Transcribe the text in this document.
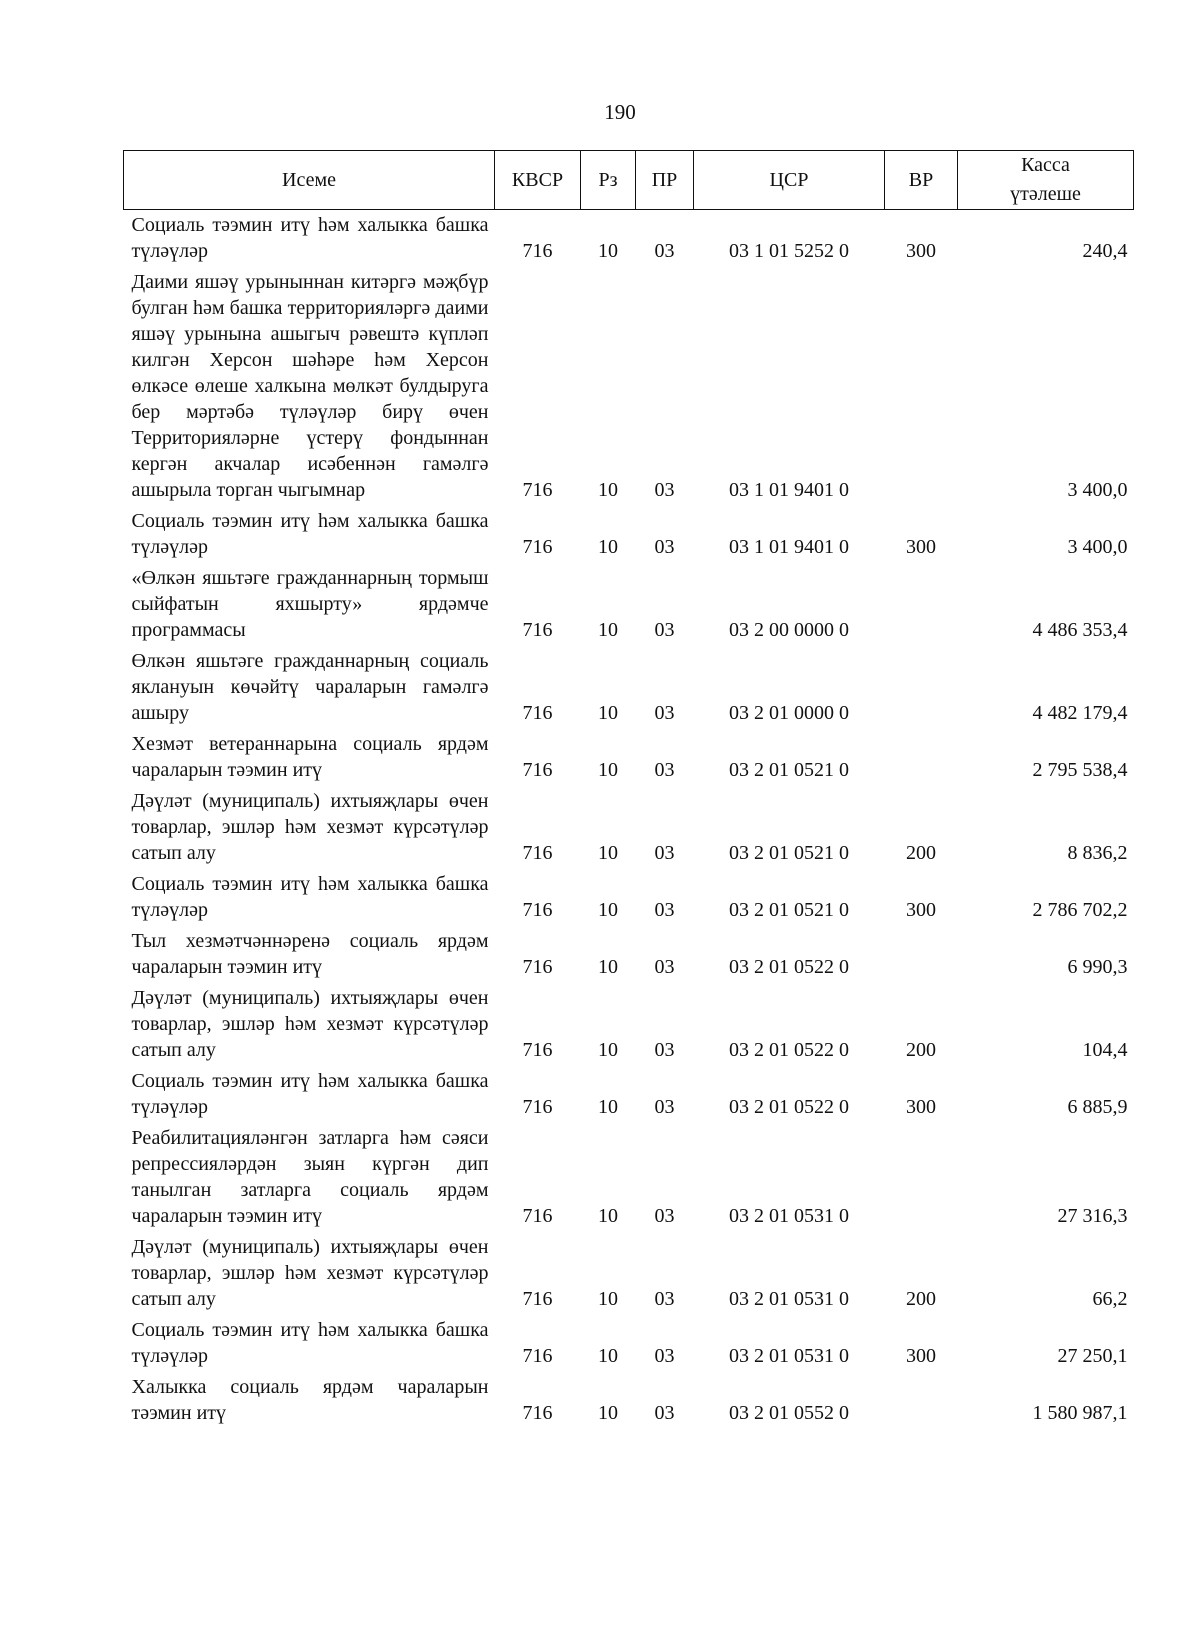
190
Исеме	КВСР	Рз	ПР	ЦСР	ВР	Касса
үтәлеше

Социаль тәэмин итү һәм халыкка башка түләүләр	716	10	03	03 1 01 5252 0	300	240,4
Даими яшәү урыныннан китәргә мәҗбүр булган һәм башка территорияләргә даими яшәү урынына ашыгыч рәвештә күпләп килгән Херсон шәһәре һәм Херсон өлкәсе өлеше халкына мөлкәт булдыруга бер мәртәбә түләүләр бирү өчен Территорияләрне үстерү фондыннан кергән акчалар исәбеннән гамәлгә ашырыла торган чыгымнар	716	10	03	03 1 01 9401 0		3 400,0
Социаль тәэмин итү һәм халыкка башка түләүләр	716	10	03	03 1 01 9401 0	300	3 400,0
«Өлкән яшьтәге гражданнарның тормыш сыйфатын яхшырту» ярдәмче программасы	716	10	03	03 2 00 0000 0		4 486 353,4
Өлкән яшьтәге гражданнарның социаль яклануын көчәйтү чараларын гамәлгә ашыру	716	10	03	03 2 01 0000 0		4 482 179,4
Хезмәт ветераннарына социаль ярдәм чараларын тәэмин итү	716	10	03	03 2 01 0521 0		2 795 538,4
Дәүләт (муниципаль) ихтыяҗлары өчен товарлар, эшләр һәм хезмәт күрсәтүләр сатып алу	716	10	03	03 2 01 0521 0	200	8 836,2
Социаль тәэмин итү һәм халыкка башка түләүләр	716	10	03	03 2 01 0521 0	300	2 786 702,2
Тыл хезмәтчәннәренә социаль ярдәм чараларын тәэмин итү	716	10	03	03 2 01 0522 0		6 990,3
Дәүләт (муниципаль) ихтыяҗлары өчен товарлар, эшләр һәм хезмәт күрсәтүләр сатып алу	716	10	03	03 2 01 0522 0	200	104,4
Социаль тәэмин итү һәм халыкка башка түләүләр	716	10	03	03 2 01 0522 0	300	6 885,9
Реабилитацияләнгән затларга һәм сәяси репрессияләрдән зыян күргән дип танылган затларга социаль ярдәм чараларын тәэмин итү	716	10	03	03 2 01 0531 0		27 316,3
Дәүләт (муниципаль) ихтыяҗлары өчен товарлар, эшләр һәм хезмәт күрсәтүләр сатып алу	716	10	03	03 2 01 0531 0	200	66,2
Социаль тәэмин итү һәм халыкка башка түләүләр	716	10	03	03 2 01 0531 0	300	27 250,1
Халыкка социаль ярдәм чараларын тәэмин итү	716	10	03	03 2 01 0552 0		1 580 987,1
